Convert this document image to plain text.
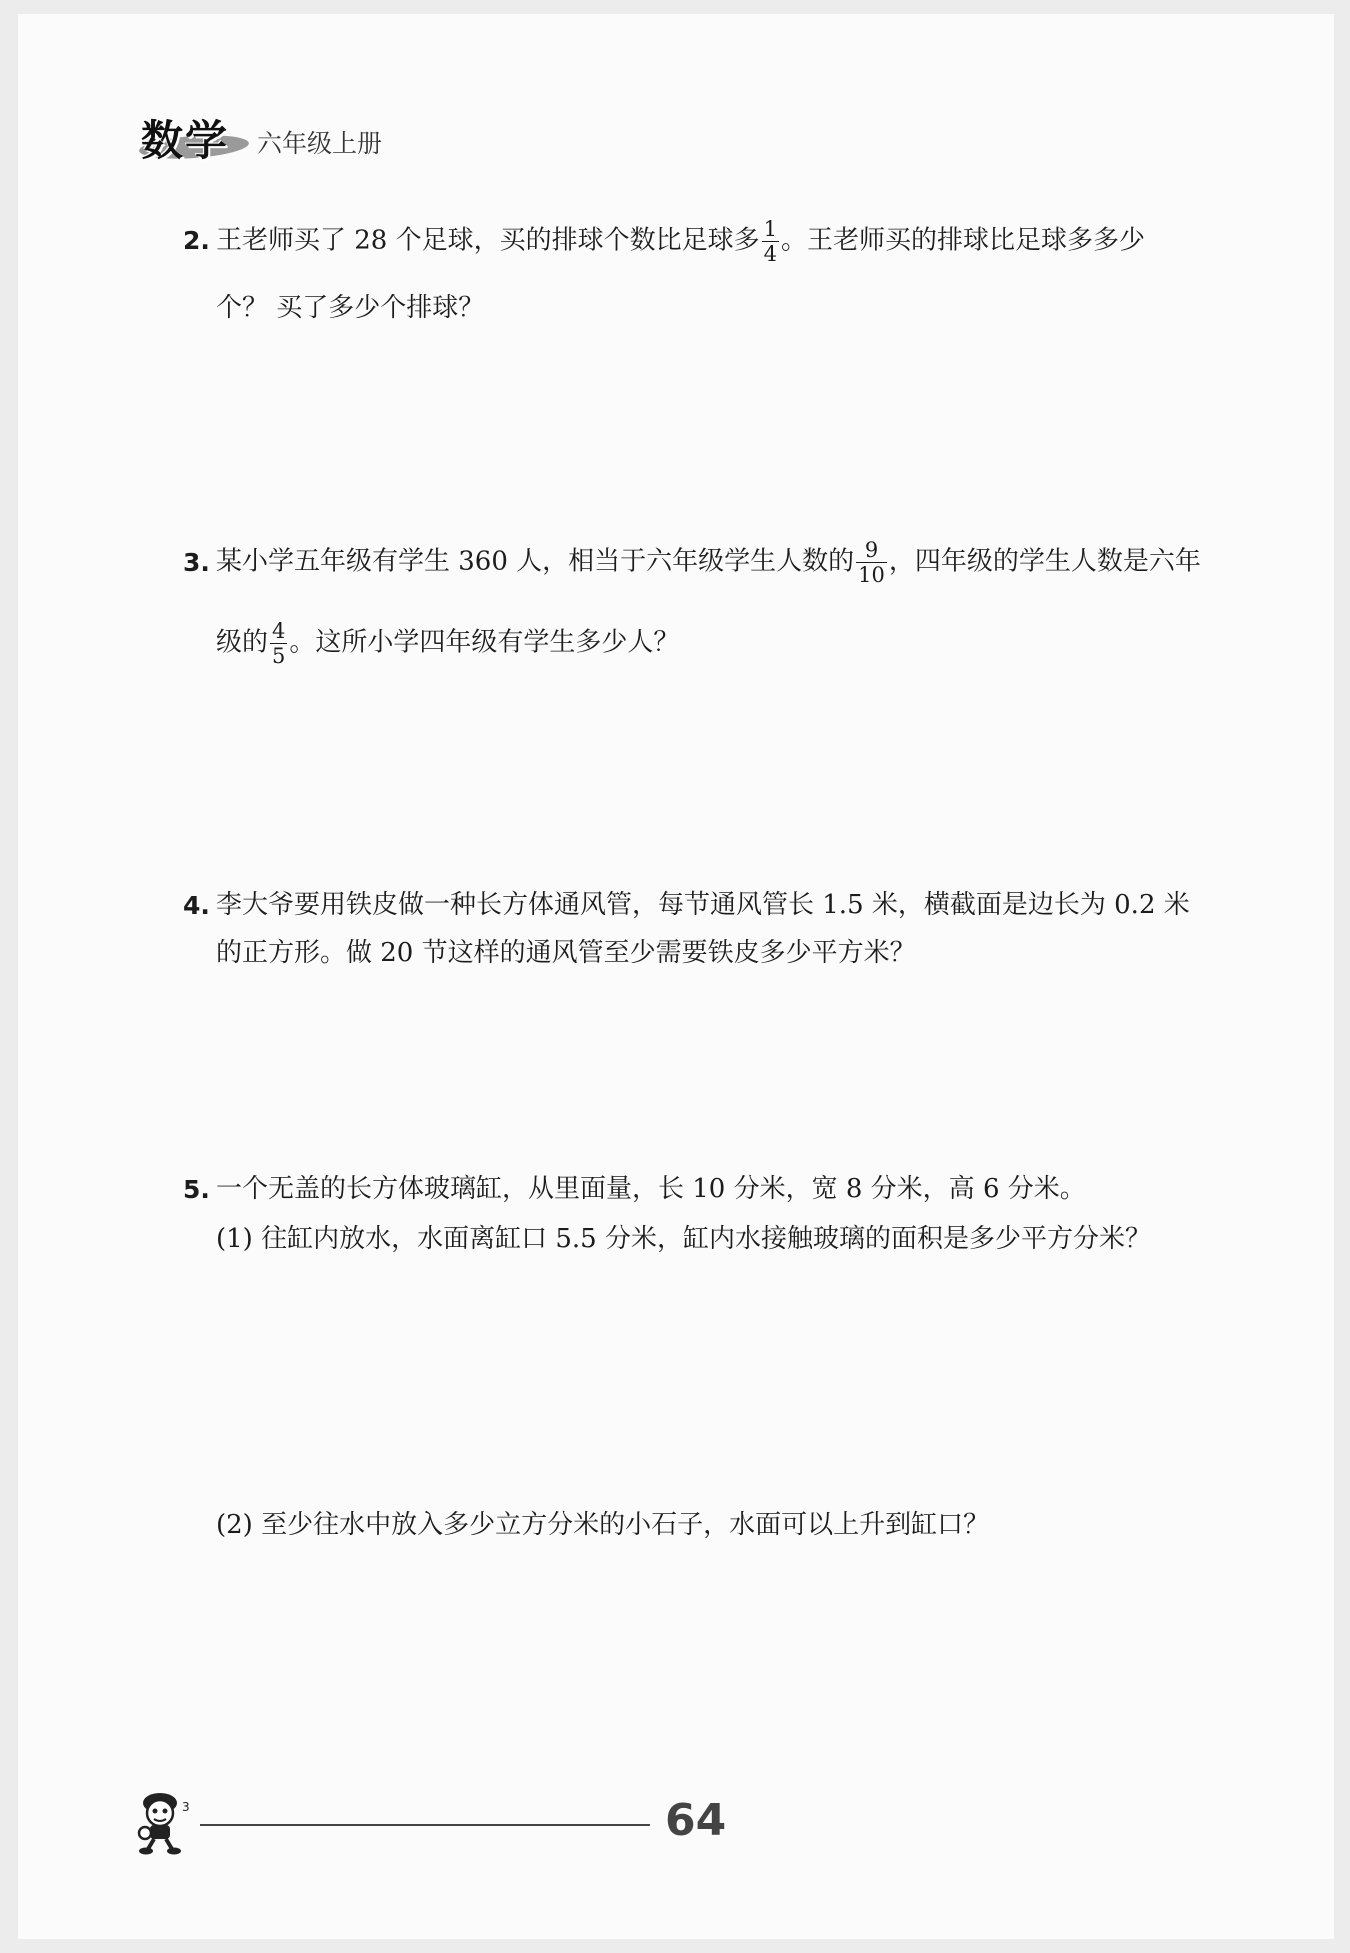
数学 六年级上册
2. 王老师买了 28 个足球，买的排球个数比足球多 $\frac{1}{4}$ 。王老师买的排球比足球多多少
个？ 买了多少个排球？
3. 某小学五年级有学生 360 人，相当于六年级学生人数的 $\frac{9}{10}$ ，四年级的学生人数是六年
级的 $\frac{4}{5}$ 。这所小学四年级有学生多少人？
4. 李大爷要用铁皮做一种长方体通风管，每节通风管长 1.5 米，横截面是边长为 0.2 米
的正方形。做 20 节这样的通风管至少需要铁皮多少平方米？
5. 一个无盖的长方体玻璃缸，从里面量，长 10 分米，宽 8 分米，高 6 分米。
(1) 往缸内放水，水面离缸口 5.5 分米，缸内水接触玻璃的面积是多少平方分米？
(2) 至少往水中放入多少立方分米的小石子，水面可以上升到缸口？
3	64
